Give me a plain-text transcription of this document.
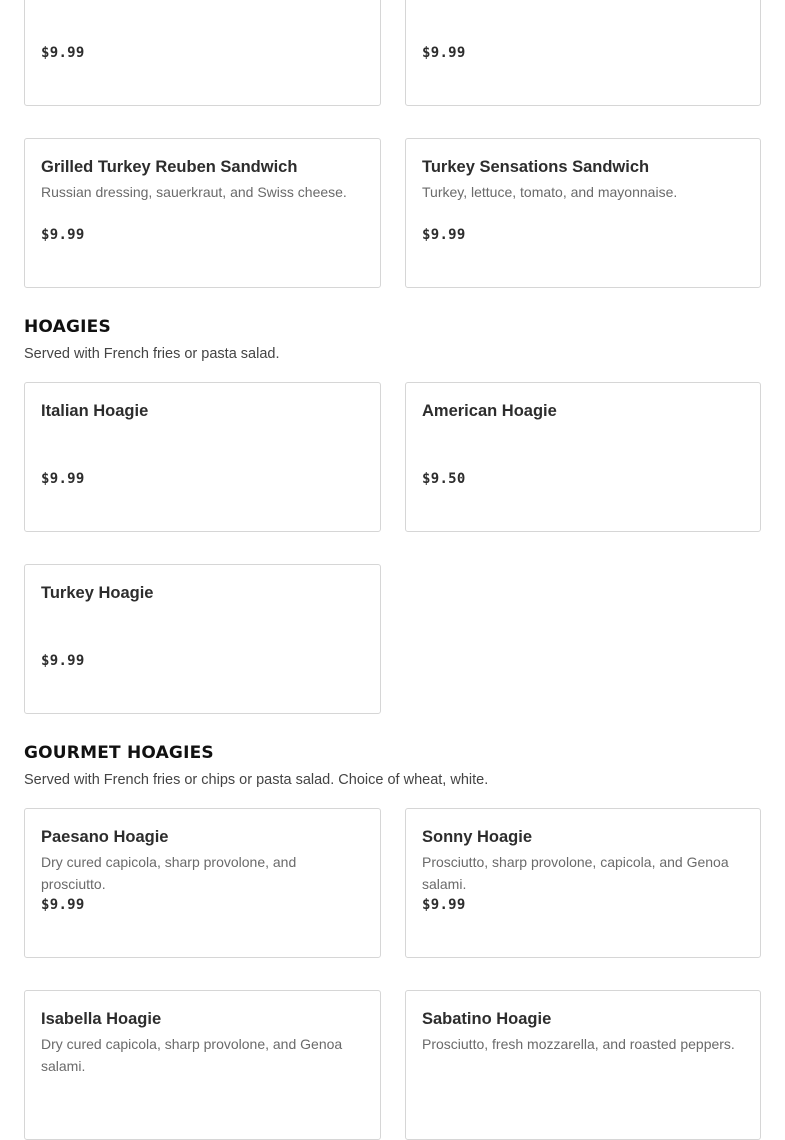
$9.99	$9.99
Grilled Turkey Reuben Sandwich
Russian dressing, sauerkraut, and Swiss cheese.
$9.99
Turkey Sensations Sandwich
Turkey, lettuce, tomato, and mayonnaise.
$9.99
HOAGIES
Served with French fries or pasta salad.
Italian Hoagie
$9.99
American Hoagie
$9.50
Turkey Hoagie
$9.99
GOURMET HOAGIES
Served with French fries or chips or pasta salad. Choice of wheat, white.
Paesano Hoagie
Dry cured capicola, sharp provolone, and prosciutto.
$9.99
Sonny Hoagie
Prosciutto, sharp provolone, capicola, and Genoa salami.
$9.99
Isabella Hoagie
Dry cured capicola, sharp provolone, and Genoa salami.
Sabatino Hoagie
Prosciutto, fresh mozzarella, and roasted peppers.
